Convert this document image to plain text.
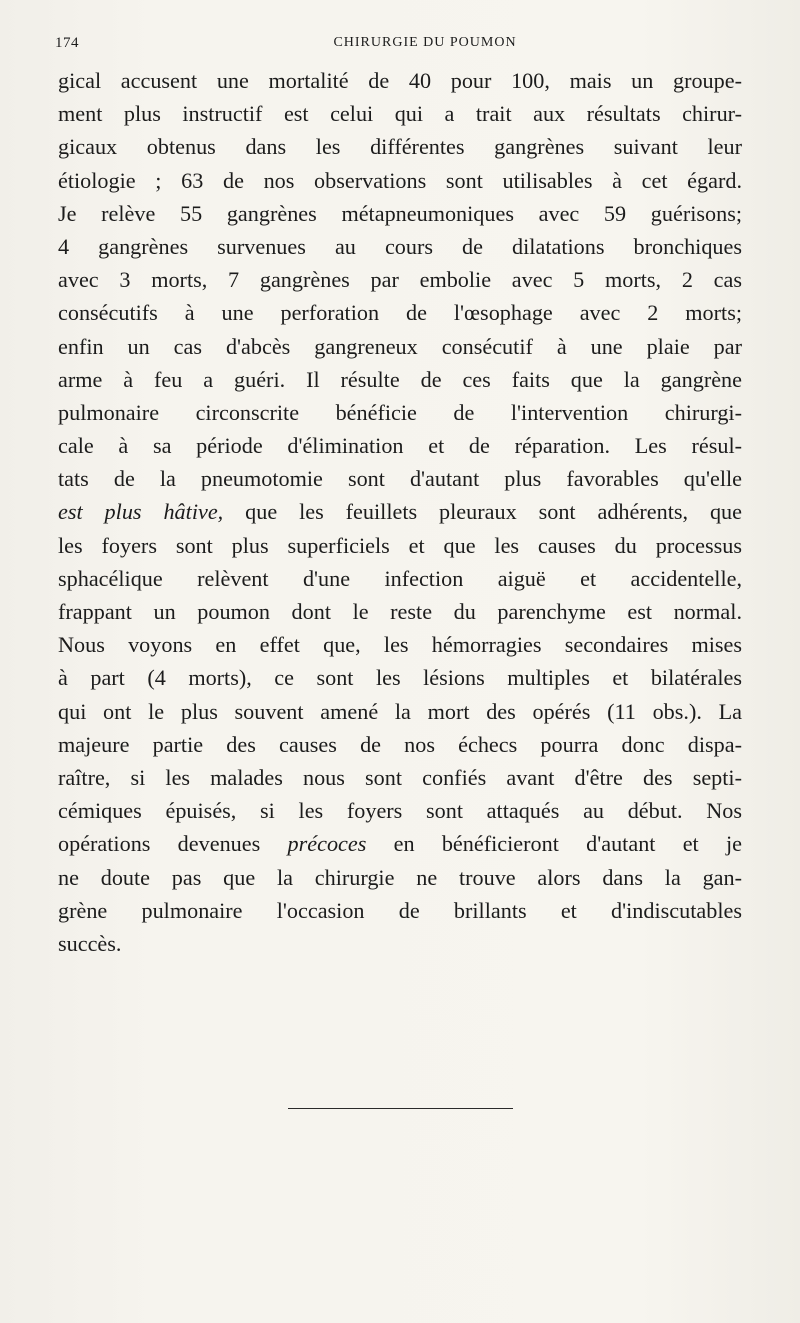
174	CHIRURGIE DU POUMON
gical accusent une mortalité de 40 pour 100, mais un groupe-
ment plus instructif est celui qui a trait aux résultats chirur-
gicaux obtenus dans les différentes gangrènes suivant leur
étiologie ; 63 de nos observations sont utilisables à cet égard.
Je relève 55 gangrènes métapneumoniques avec 59 guérisons;
4 gangrènes survenues au cours de dilatations bronchiques
avec 3 morts, 7 gangrènes par embolie avec 5 morts, 2 cas
consécutifs à une perforation de l'œsophage avec 2 morts;
enfin un cas d'abcès gangreneux consécutif à une plaie par
arme à feu a guéri. Il résulte de ces faits que la gangrène
pulmonaire circonscrite bénéficie de l'intervention chirurgi-
cale à sa période d'élimination et de réparation. Les résul-
tats de la pneumotomie sont d'autant plus favorables qu'elle
est plus hâtive, que les feuillets pleuraux sont adhérents, que
les foyers sont plus superficiels et que les causes du processus
sphacélique relèvent d'une infection aiguë et accidentelle,
frappant un poumon dont le reste du parenchyme est normal.
Nous voyons en effet que, les hémorragies secondaires mises
à part (4 morts), ce sont les lésions multiples et bilatérales
qui ont le plus souvent amené la mort des opérés (11 obs.). La
majeure partie des causes de nos échecs pourra donc dispa-
raître, si les malades nous sont confiés avant d'être des septi-
cémiques épuisés, si les foyers sont attaqués au début. Nos
opérations devenues précoces en bénéficieront d'autant et je
ne doute pas que la chirurgie ne trouve alors dans la gan-
grène pulmonaire l'occasion de brillants et d'indiscutables
succès.
